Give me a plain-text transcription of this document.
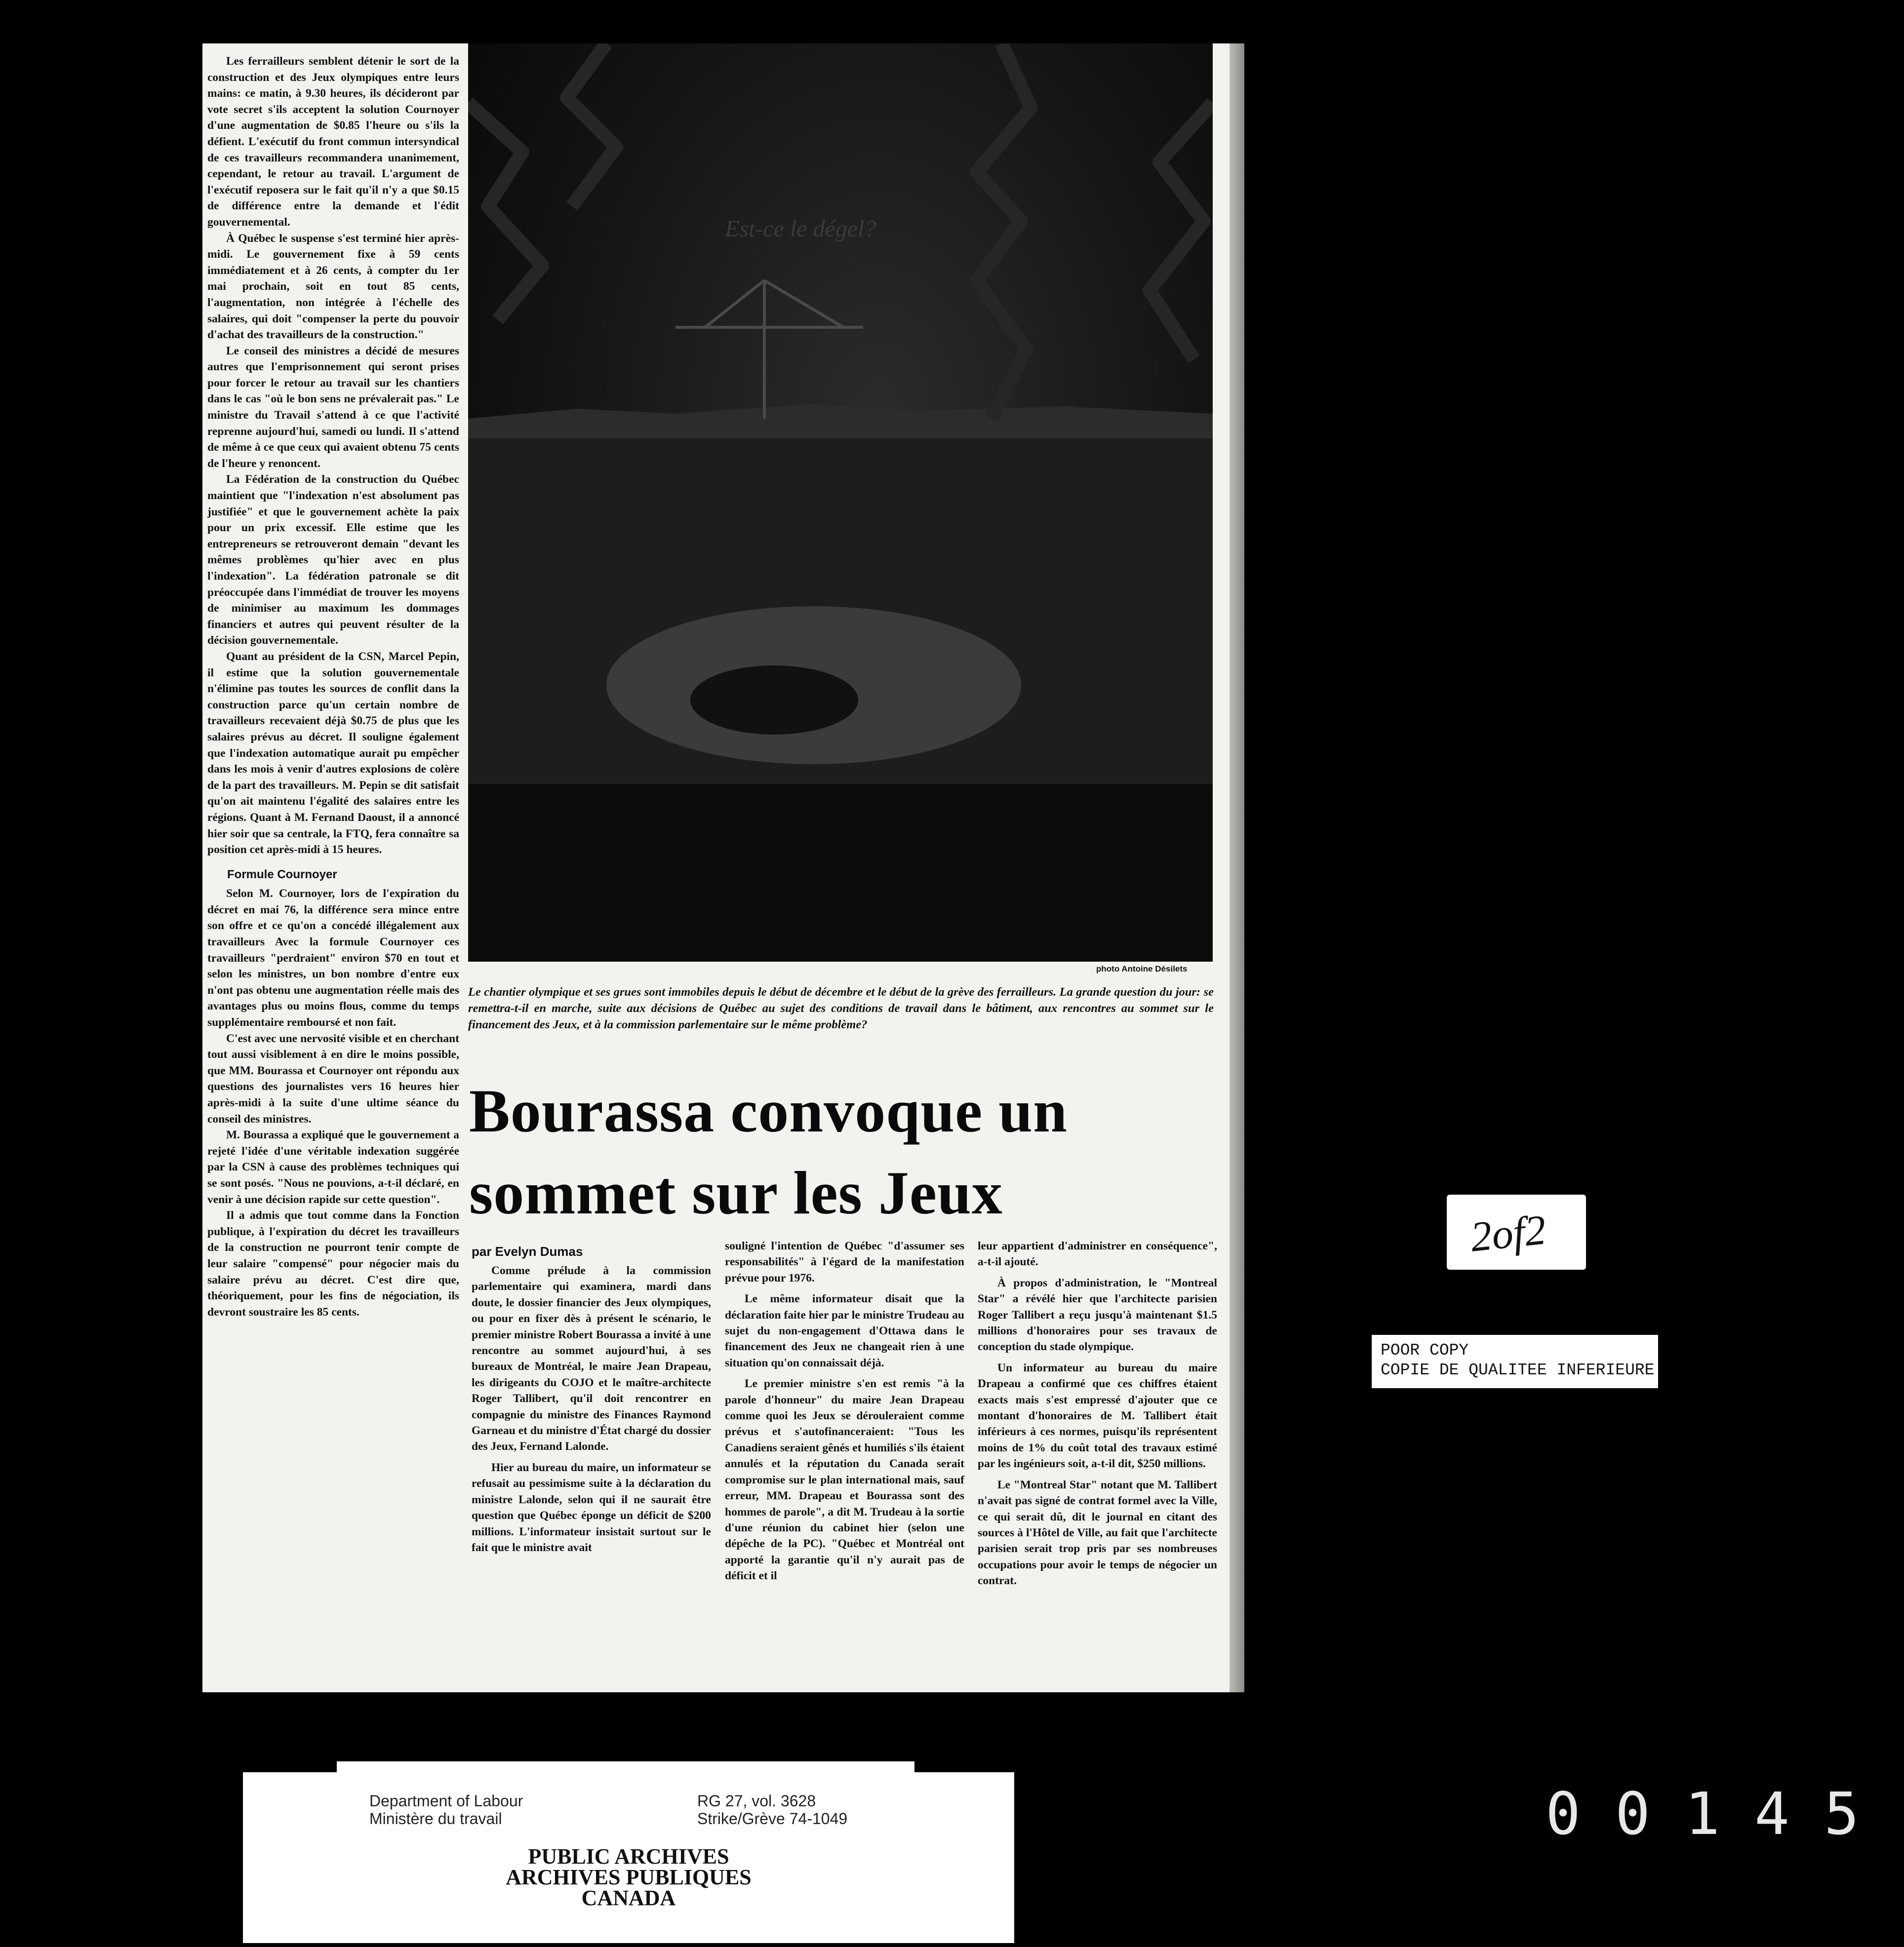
Les ferrailleurs semblent détenir le sort de la construction et des Jeux olympiques entre leurs mains: ce matin, à 9.30 heures, ils décideront par vote secret s'ils acceptent la solution Cournoyer d'une augmentation de $0.85 l'heure ou s'ils la défient. L'exécutif du front commun intersyndical de ces travailleurs recommandera unanimement, cependant, le retour au travail. L'argument de l'exécutif reposera sur le fait qu'il n'y a que $0.15 de différence entre la demande et l'édit gouvernemental.

À Québec le suspense s'est terminé hier après-midi. Le gouvernement fixe à 59 cents immédiatement et à 26 cents, à compter du 1er mai prochain, soit en tout 85 cents, l'augmentation, non intégrée à l'échelle des salaires, qui doit "compenser la perte du pouvoir d'achat des travailleurs de la construction."

Le conseil des ministres a décidé de mesures autres que l'emprisonnement qui seront prises pour forcer le retour au travail sur les chantiers dans le cas "où le bon sens ne prévalerait pas." Le ministre du Travail s'attend à ce que l'activité reprenne aujourd'hui, samedi ou lundi. Il s'attend de même à ce que ceux qui avaient obtenu 75 cents de l'heure y renoncent.

La Fédération de la construction du Québec maintient que "l'indexation n'est absolument pas justifiée" et que le gouvernement achète la paix pour un prix excessif. Elle estime que les entrepreneurs se retrouveront demain "devant les mêmes problèmes qu'hier avec en plus l'indexation". La fédération patronale se dit préoccupée dans l'immédiat de trouver les moyens de minimiser au maximum les dommages financiers et autres qui peuvent résulter de la décision gouvernementale.

Quant au président de la CSN, Marcel Pepin, il estime que la solution gouvernementale n'élimine pas toutes les sources de conflit dans la construction parce qu'un certain nombre de travailleurs recevaient déjà $0.75 de plus que les salaires prévus au décret. Il souligne également que l'indexation automatique aurait pu empêcher dans les mois à venir d'autres explosions de colère de la part des travailleurs. M. Pepin se dit satisfait qu'on ait maintenu l'égalité des salaires entre les régions. Quant à M. Fernand Daoust, il a annoncé hier soir que sa centrale, la FTQ, fera connaître sa position cet après-midi à 15 heures.

Formule Cournoyer

Selon M. Cournoyer, lors de l'expiration du décret en mai 76, la différence sera mince entre son offre et ce qu'on a concédé illégalement aux travailleurs Avec la formule Cournoyer ces travailleurs "perdraient" environ $70 en tout et selon les ministres, un bon nombre d'entre eux n'ont pas obtenu une augmentation réelle mais des avantages plus ou moins flous, comme du temps supplémentaire remboursé et non fait.

C'est avec une nervosité visible et en cherchant tout aussi visiblement à en dire le moins possible, que MM. Bourassa et Cournoyer ont répondu aux questions des journalistes vers 16 heures hier après-midi à la suite d'une ultime séance du conseil des ministres.

M. Bourassa a expliqué que le gouvernement a rejeté l'idée d'une véritable indexation suggérée par la CSN à cause des problèmes techniques qui se sont posés. "Nous ne pouvions, a-t-il déclaré, en venir à une décision rapide sur cette question".

Il a admis que tout comme dans la Fonction publique, à l'expiration du décret les travailleurs de la construction ne pourront tenir compte de leur salaire "compensé" pour négocier mais du salaire prévu au décret. C'est dire que, théoriquement, pour les fins de négociation, ils devront soustraire les 85 cents.

Est-ce le dégel?
photo Antoine Désilets
Le chantier olympique et ses grues sont immobiles depuis le début de décembre et le début de la grève des ferrailleurs. La grande question du jour: se remettra-t-il en marche, suite aux décisions de Québec au sujet des conditions de travail dans le bâtiment, aux rencontres au sommet sur le financement des Jeux, et à la commission parlementaire sur le même problème?
Bourassa convoque un
sommet sur les Jeux
par Evelyn Dumas

Comme prélude à la commission parlementaire qui examinera, mardi dans doute, le dossier financier des Jeux olympiques, ou pour en fixer dès à présent le scénario, le premier ministre Robert Bourassa a invité à une rencontre au sommet aujourd'hui, à ses bureaux de Montréal, le maire Jean Drapeau, les dirigeants du COJO et le maître-architecte Roger Tallibert, qu'il doit rencontrer en compagnie du ministre des Finances Raymond Garneau et du ministre d'État chargé du dossier des Jeux, Fernand Lalonde.

Hier au bureau du maire, un informateur se refusait au pessimisme suite à la déclaration du ministre Lalonde, selon qui il ne saurait être question que Québec éponge un déficit de $200 millions. L'informateur insistait surtout sur le fait que le ministre avait

souligné l'intention de Québec "d'assumer ses responsabilités" à l'égard de la manifestation prévue pour 1976.

Le même informateur disait que la déclaration faite hier par le ministre Trudeau au sujet du non-engagement d'Ottawa dans le financement des Jeux ne changeait rien à une situation qu'on connaissait déjà.

Le premier ministre s'en est remis "à la parole d'honneur" du maire Jean Drapeau comme quoi les Jeux se dérouleraient comme prévus et s'autofinanceraient: "Tous les Canadiens seraient gênés et humiliés s'ils étaient annulés et la réputation du Canada serait compromise sur le plan international mais, sauf erreur, MM. Drapeau et Bourassa sont des hommes de parole", a dit M. Trudeau à la sortie d'une réunion du cabinet hier (selon une dépêche de la PC). "Québec et Montréal ont apporté la garantie qu'il n'y aurait pas de déficit et il

leur appartient d'administrer en conséquence", a-t-il ajouté.

À propos d'administration, le "Montreal Star" a révélé hier que l'architecte parisien Roger Tallibert a reçu jusqu'à maintenant $1.5 millions d'honoraires pour ses travaux de conception du stade olympique.

Un informateur au bureau du maire Drapeau a confirmé que ces chiffres étaient exacts mais s'est empressé d'ajouter que ce montant d'honoraires de M. Tallibert était inférieurs à ces normes, puisqu'ils représentent moins de 1% du coût total des travaux estimé par les ingénieurs soit, a-t-il dit, $250 millions.

Le "Montreal Star" notant que M. Tallibert n'avait pas signé de contrat formel avec la Ville, ce qui serait dû, dit le journal en citant des sources à l'Hôtel de Ville, au fait que l'architecte parisien serait trop pris par ses nombreuses occupations pour avoir le temps de négocier un contrat.

2of2
POOR COPY
COPIE DE QUALITEE INFERIEURE
Department of Labour
Ministère du travail
RG 27, vol. 3628
Strike/Grève 74-1049
PUBLIC ARCHIVES
ARCHIVES PUBLIQUES
CANADA
00145
